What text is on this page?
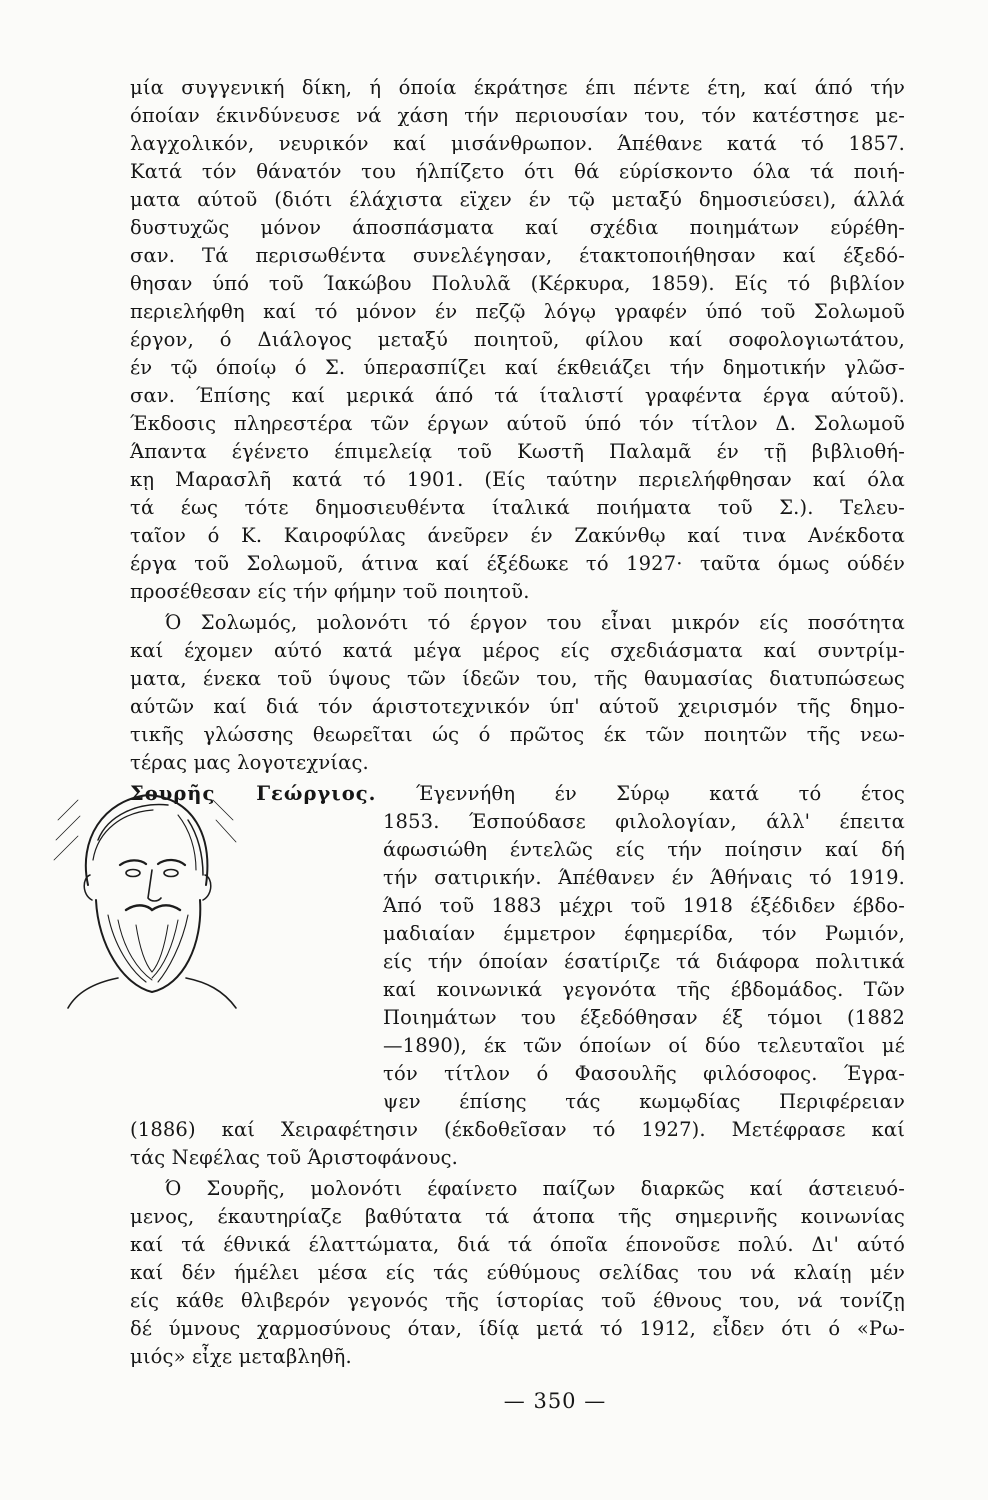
μία συγγενική δίκη, ή όποία έκράτησε έπι πέντε έτη, καί άπό τήν
όποίαν έκινδύνευσε νά χάση τήν περιουσίαν του, τόν κατέστησε με-
λαγχολικόν, νευρικόν καί μισάνθρωπον. Άπέθανε κατά τό 1857.
Κατά τόν θάνατόν του ήλπίζετο ότι θά εύρίσκοντο όλα τά ποιή-
ματα αύτοῦ (διότι έλάχιστα εϊχεν έν τῷ μεταξύ δημοσιεύσει), άλλά
δυστυχῶς μόνον άποσπάσματα καί σχέδια ποιημάτων εύρέθη-
σαν. Τά περισωθέντα συνελέγησαν, έτακτοποιήθησαν καί έξεδό-
θησαν ύπό τοῦ Ίακώβου Πολυλᾶ (Κέρκυρα, 1859). Είς τό βιβλίον
περιελήφθη καί τό μόνον έν πεζῷ λόγῳ γραφέν ύπό τοῦ Σολωμοῦ
έργον, ό Διάλογος μεταξύ ποιητοῦ, φίλου καί σοφολογιωτάτου,
έν τῷ όποίῳ ό Σ. ύπερασπίζει καί έκθειάζει τήν δημοτικήν γλῶσ-
σαν. Έπίσης καί μερικά άπό τά ίταλιστί γραφέντα έργα αύτοῦ).
Έκδοσις πληρεστέρα τῶν έργων αύτοῦ ύπό τόν τίτλον Δ. Σολωμοῦ
Άπαντα έγένετο έπιμελείᾳ τοῦ Κωστῆ Παλαμᾶ έν τῇ βιβλιοθή-
κῃ Μαρασλῆ κατά τό 1901. (Είς ταύτην περιελήφθησαν καί όλα
τά έως τότε δημοσιευθέντα ίταλικά ποιήματα τοῦ Σ.). Τελευ-
ταῖον ό Κ. Καιροφύλας άνεῦρεν έν Ζακύνθῳ καί τινα Ανέκδοτα
έργα τοῦ Σολωμοῦ, άτινα καί έξέδωκε τό 1927· ταῦτα όμως ούδέν
προσέθεσαν είς τήν φήμην τοῦ ποιητοῦ.
Ό Σολωμός, μολονότι τό έργον του εἶναι μικρόν είς ποσότητα
καί έχομεν αύτό κατά μέγα μέρος είς σχεδιάσματα καί συντρίμ-
ματα, ένεκα τοῦ ύψους τῶν ίδεῶν του, τῆς θαυμασίας διατυπώσεως
αύτῶν καί διά τόν άριστοτεχνικόν ύπ' αύτοῦ χειρισμόν τῆς δημο-
τικῆς γλώσσης θεωρεῖται ώς ό πρῶτος έκ τῶν ποιητῶν τῆς νεω-
τέρας μας λογοτεχνίας.
Σουρῆς Γεώργιος. Έγεννήθη έν Σύρῳ κατά τό έτος
1853. Έσπούδασε φιλολογίαν, άλλ' έπειτα
άφωσιώθη έντελῶς είς τήν ποίησιν καί δή
τήν σατιρικήν. Άπέθανεν έν Άθήναις τό 1919.
Άπό τοῦ 1883 μέχρι τοῦ 1918 έξέδιδεν έβδο-
μαδιαίαν έμμετρον έφημερίδα, τόν Ρωμιόν,
είς τήν όποίαν έσατίριζε τά διάφορα πολιτικά
καί κοινωνικά γεγονότα τῆς έβδομάδος. Τῶν
Ποιημάτων του έξεδόθησαν έξ τόμοι (1882
—1890), έκ τῶν όποίων οί δύο τελευταῖοι μέ
τόν τίτλον ό Φασουλῆς φιλόσοφος. Έγρα-
ψεν έπίσης τάς κωμῳδίας Περιφέρειαν
(1886) καί Χειραφέτησιν (έκδοθεῖσαν τό 1927). Μετέφρασε καί
τάς Νεφέλας τοῦ Άριστοφάνους.
Ό Σουρῆς, μολονότι έφαίνετο παίζων διαρκῶς καί άστειευό-
μενος, έκαυτηρίαζε βαθύτατα τά άτοπα τῆς σημερινῆς κοινωνίας
καί τά έθνικά έλαττώματα, διά τά όποῖα έπονοῦσε πολύ. Δι' αύτό
καί δέν ήμέλει μέσα είς τάς εύθύμους σελίδας του νά κλαίῃ μέν
είς κάθε θλιβερόν γεγονός τῆς ίστορίας τοῦ έθνους του, νά τονίζῃ
δέ ύμνους χαρμοσύνους όταν, ίδίᾳ μετά τό 1912, εἶδεν ότι ό «Ρω-
μιός» εἶχε μεταβληθῆ.
— 350 —
